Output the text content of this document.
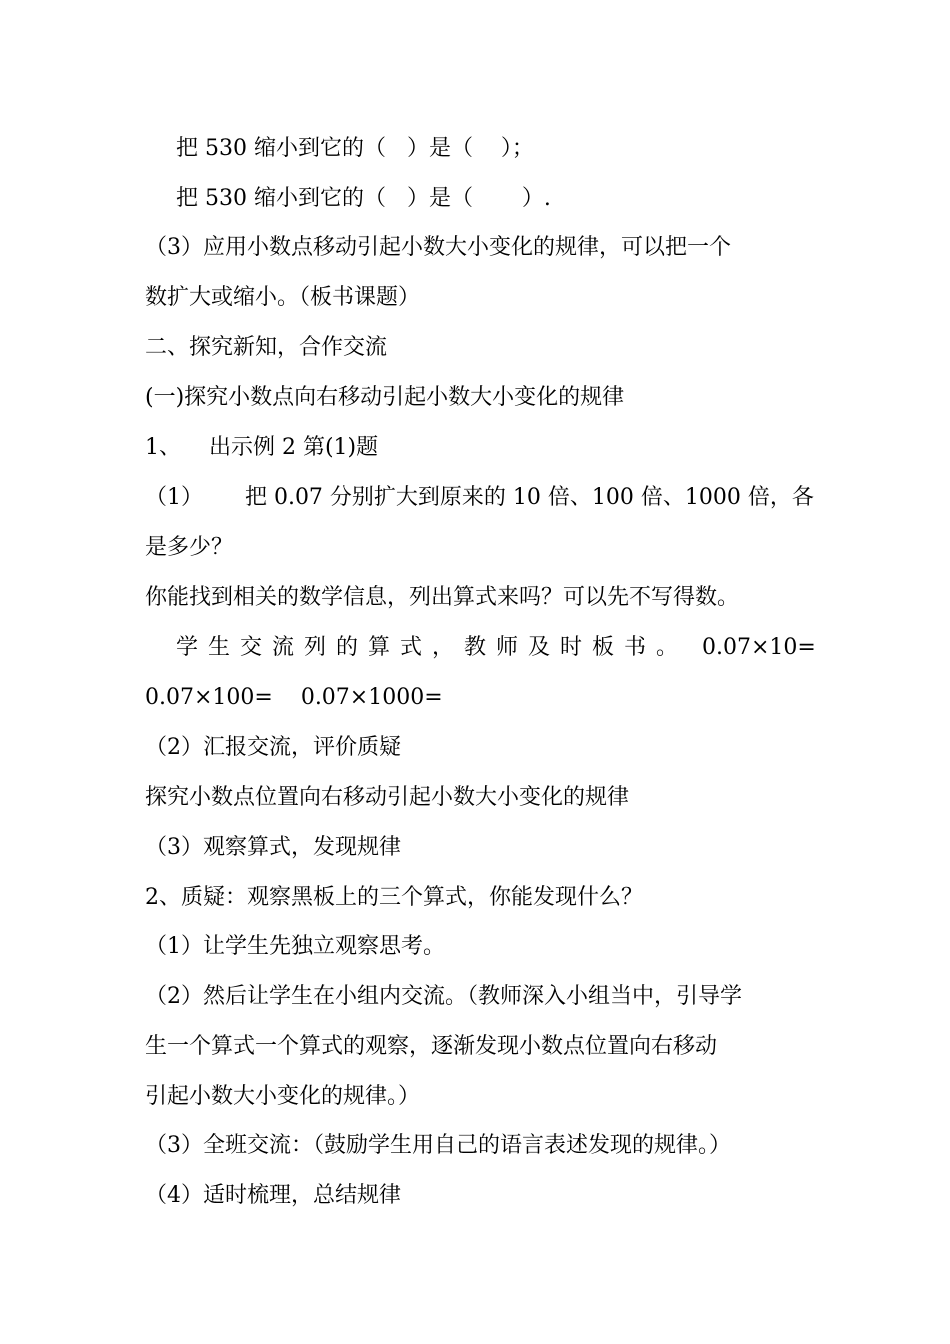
把 530 缩小到它的（   ）是（    ）；
把 530 缩小到它的（   ）是（       ）.
（3）应用小数点移动引起小数大小变化的规律，可以把一个
数扩大或缩小。（板书课题）
二、探究新知，合作交流
(一)探究小数点向右移动引起小数大小变化的规律
1、    出示例 2 第(1)题
（1）      把 0.07 分别扩大到原来的 10 倍、100 倍、1000 倍，各
是多少？
你能找到相关的数学信息，列出算式来吗？可以先不写得数。
学生交流列的算式，教师及时板书。 0.07×10=
0.07×100=    0.07×1000=
（2）汇报交流，评价质疑
探究小数点位置向右移动引起小数大小变化的规律
（3）观察算式，发现规律
2、质疑：观察黑板上的三个算式，你能发现什么？
（1）让学生先独立观察思考。
（2）然后让学生在小组内交流。（教师深入小组当中，引导学
生一个算式一个算式的观察，逐渐发现小数点位置向右移动
引起小数大小变化的规律。）
（3）全班交流：（鼓励学生用自己的语言表述发现的规律。）
（4）适时梳理，总结规律
